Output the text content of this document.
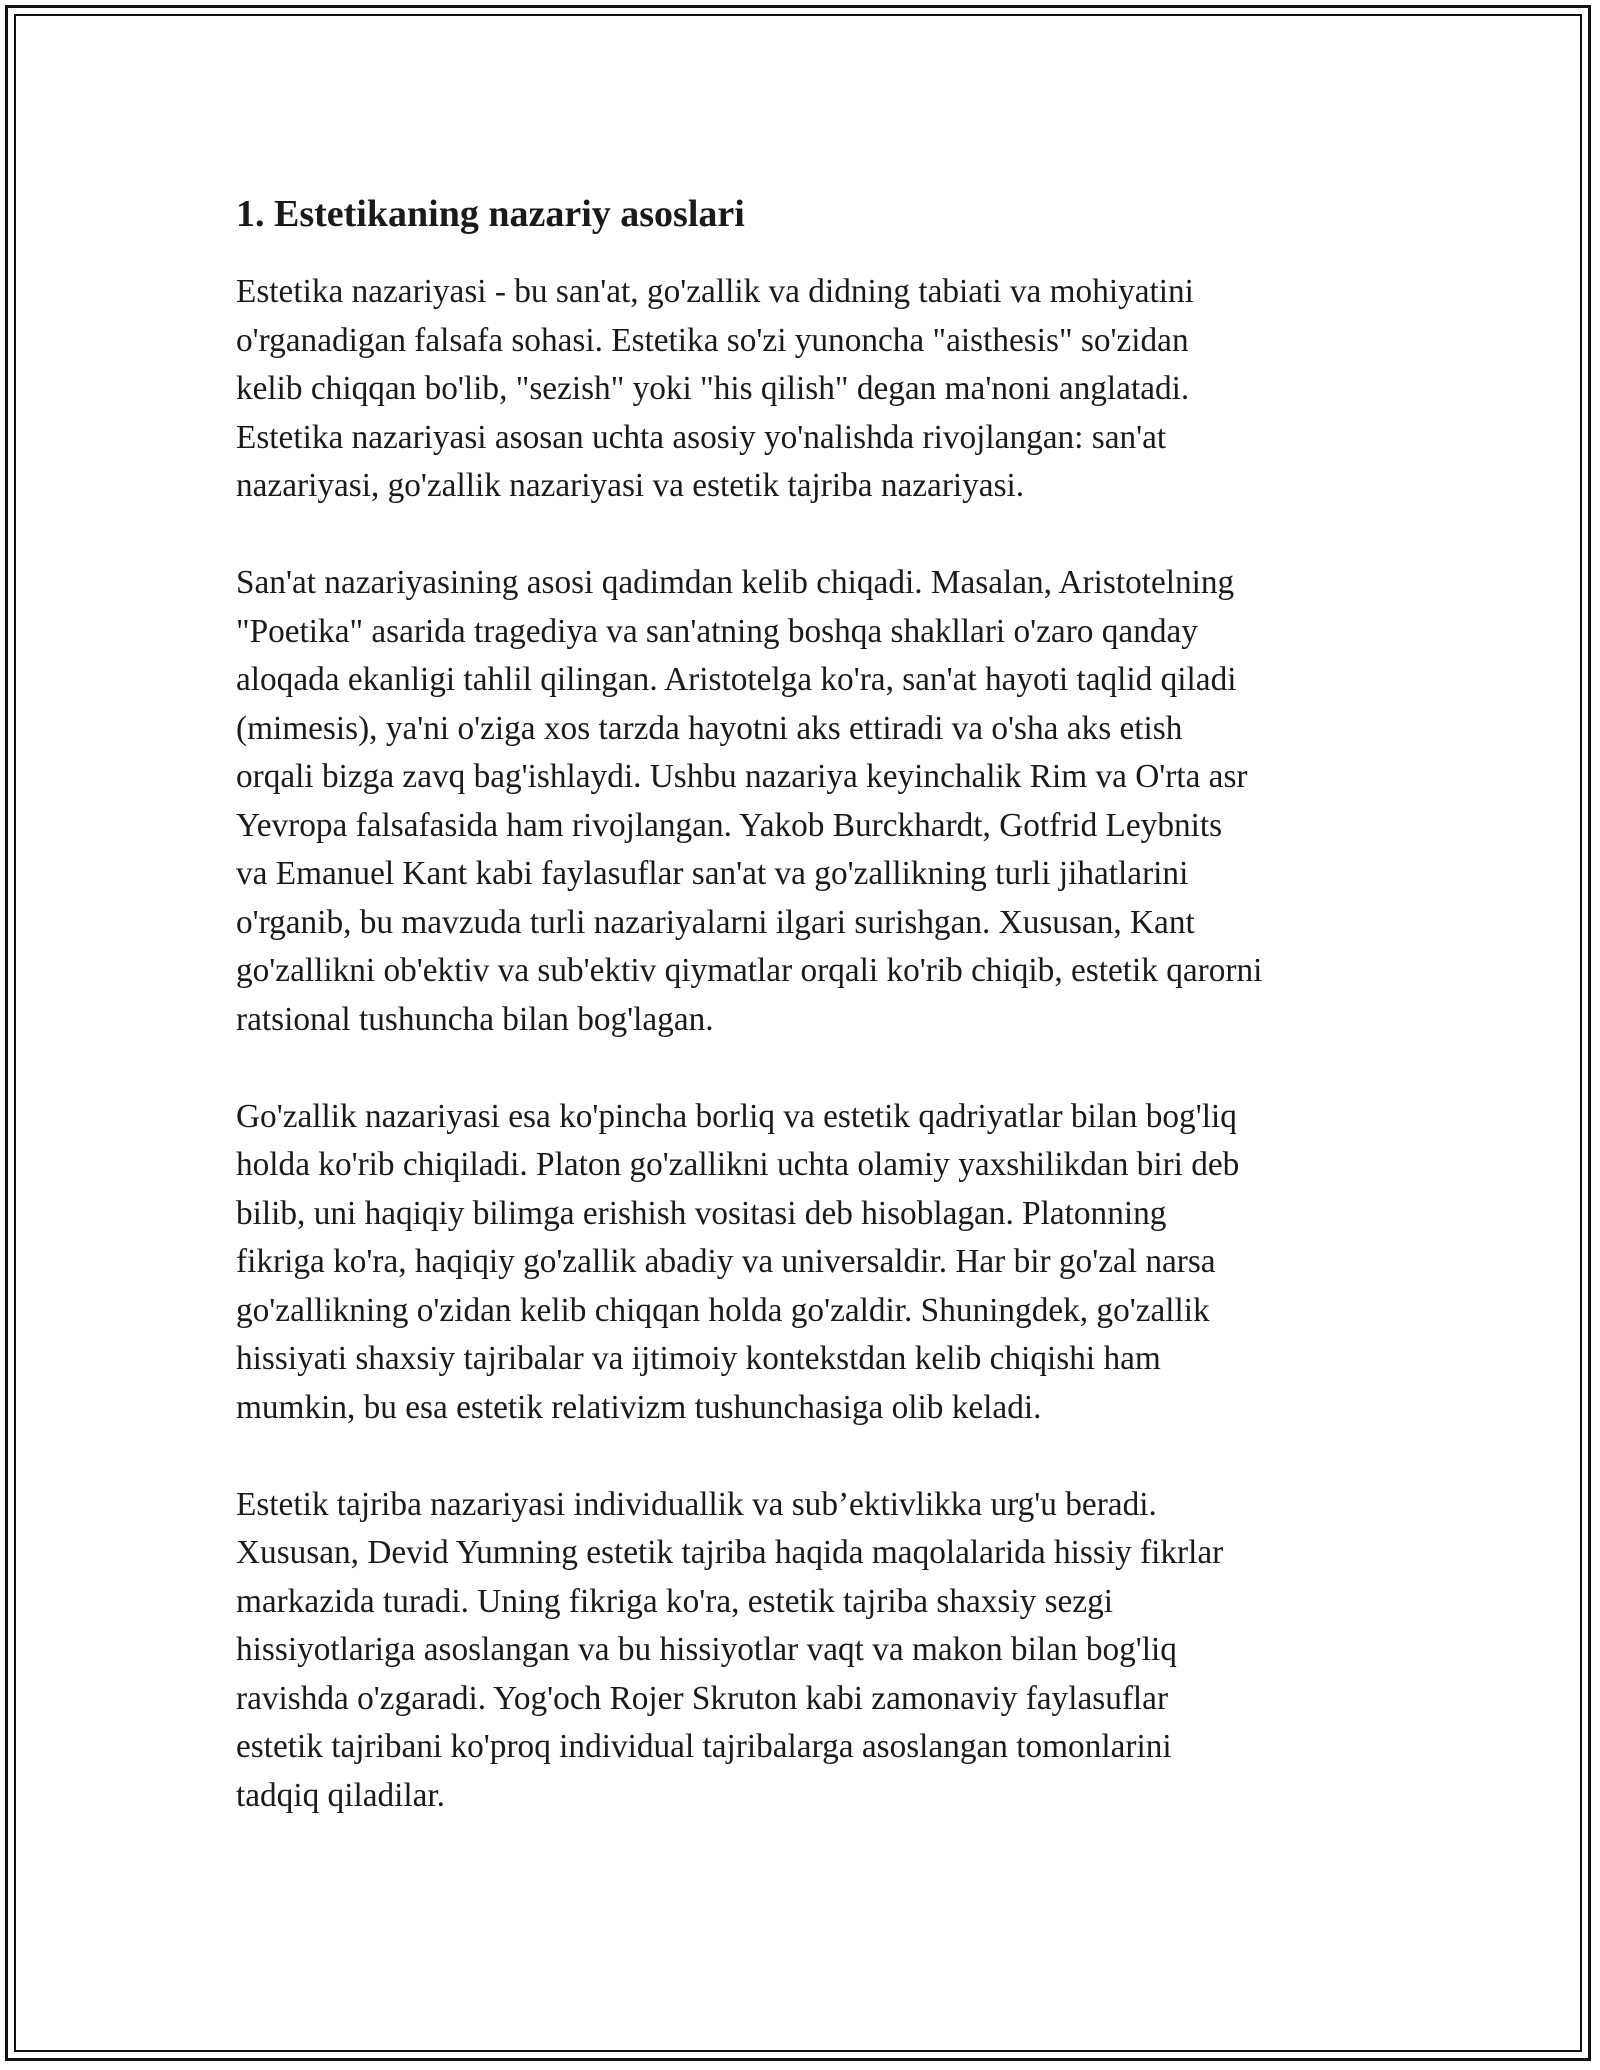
1. Estetikaning nazariy asoslari

Estetika nazariyasi - bu san'at, go'zallik va didning tabiati va mohiyatini
o'rganadigan falsafa sohasi. Estetika so'zi yunoncha "aisthesis" so'zidan
kelib chiqqan bo'lib, "sezish" yoki "his qilish" degan ma'noni anglatadi.
Estetika nazariyasi asosan uchta asosiy yo'nalishda rivojlangan: san'at
nazariyasi, go'zallik nazariyasi va estetik tajriba nazariyasi.

San'at nazariyasining asosi qadimdan kelib chiqadi. Masalan, Aristotelning
"Poetika" asarida tragediya va san'atning boshqa shakllari o'zaro qanday
aloqada ekanligi tahlil qilingan. Aristotelga ko'ra, san'at hayoti taqlid qiladi
(mimesis), ya'ni o'ziga xos tarzda hayotni aks ettiradi va o'sha aks etish
orqali bizga zavq bag'ishlaydi. Ushbu nazariya keyinchalik Rim va O'rta asr
Yevropa falsafasida ham rivojlangan. Yakob Burckhardt, Gotfrid Leybnits
va Emanuel Kant kabi faylasuflar san'at va go'zallikning turli jihatlarini
o'rganib, bu mavzuda turli nazariyalarni ilgari surishgan. Xususan, Kant
go'zallikni ob'ektiv va sub'ektiv qiymatlar orqali ko'rib chiqib, estetik qarorni
ratsional tushuncha bilan bog'lagan.

Go'zallik nazariyasi esa ko'pincha borliq va estetik qadriyatlar bilan bog'liq
holda ko'rib chiqiladi. Platon go'zallikni uchta olamiy yaxshilikdan biri deb
bilib, uni haqiqiy bilimga erishish vositasi deb hisoblagan. Platonning
fikriga ko'ra, haqiqiy go'zallik abadiy va universaldir. Har bir go'zal narsa
go'zallikning o'zidan kelib chiqqan holda go'zaldir. Shuningdek, go'zallik
hissiyati shaxsiy tajribalar va ijtimoiy kontekstdan kelib chiqishi ham
mumkin, bu esa estetik relativizm tushunchasiga olib keladi.

Estetik tajriba nazariyasi individuallik va sub’ektivlikka urg'u beradi.
Xususan, Devid Yumning estetik tajriba haqida maqolalarida hissiy fikrlar
markazida turadi. Uning fikriga ko'ra, estetik tajriba shaxsiy sezgi
hissiyotlariga asoslangan va bu hissiyotlar vaqt va makon bilan bog'liq
ravishda o'zgaradi. Yog'och Rojer Skruton kabi zamonaviy faylasuflar
estetik tajribani ko'proq individual tajribalarga asoslangan tomonlarini
tadqiq qiladilar.
